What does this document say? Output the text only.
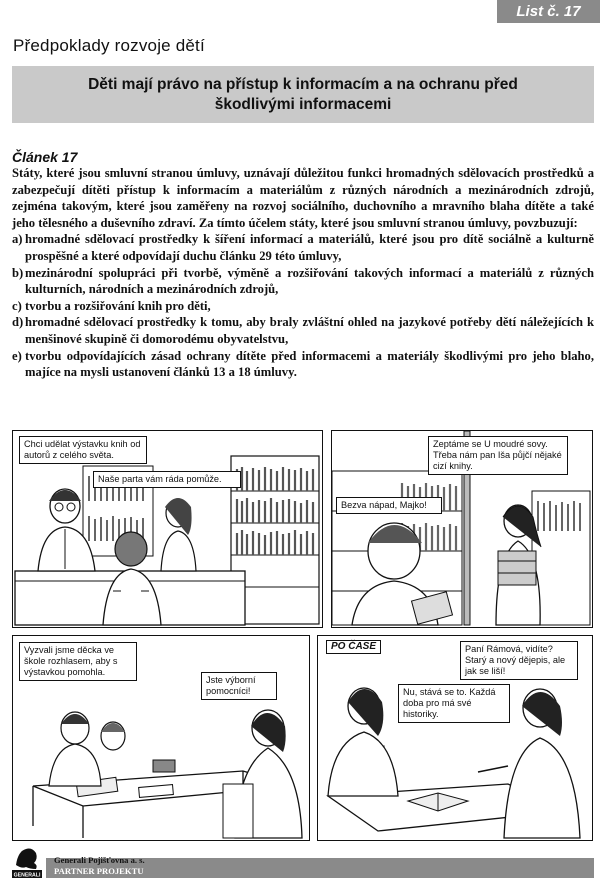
List č. 17
Předpoklady rozvoje dětí
Děti mají právo na přístup k informacím a na ochranu před škodlivými informacemi
Článek 17

Státy, které jsou smluvní stranou úmluvy, uznávají důležitou funkci hromadných sdělovacích prostředků a zabezpečují dítěti přístup k informacím a materiálům z různých národních a mezinárodních zdrojů, zejména takovým, které jsou zaměřeny na rozvoj sociálního, duchovního a mravního blaha dítěte a také jeho tělesného a duševního zdraví. Za tímto účelem státy, které jsou smluvní stranou úmluvy, povzbuzují:

a) hromadné sdělovací prostředky k šíření informací a materiálů, které jsou pro dítě sociálně a kulturně prospěšné a které odpovídají duchu článku 29 této úmluvy,
b) mezinárodní spolupráci při tvorbě, výměně a rozšiřování takových informací a materiálů z různých kulturních, národních a mezinárodních zdrojů,
c) tvorbu a rozšiřování knih pro děti,
d) hromadné sdělovací prostředky k tomu, aby braly zvláštní ohled na jazykové potřeby dětí náležejících k menšinové skupině či domorodému obyvatelstvu,
e) tvorbu odpovídajících zásad ochrany dítěte před informacemi a materiály škodlivými pro jeho blaho, majíce na mysli ustanovení článků 13 a 18 úmluvy.
Chci udělat výstavku knih od autorů z celého světa.
Naše parta vám ráda pomůže.
Zeptáme se U moudré sovy. Třeba nám pan Iša půjčí nějaké cizí knihy.
Bezva nápad, Majko!
Vyzvali jsme děcka ve škole rozhlasem, aby s výstavkou pomohla.
Jste výborní pomocníci!
PO ČASE	Paní Rámová, vidíte? Starý a nový dějepis, ale jak se liší!
Nu, stává se to. Každá doba pro má své historiky.
GENERALI
Generali Pojišťovna a. s.
PARTNER PROJEKTU
